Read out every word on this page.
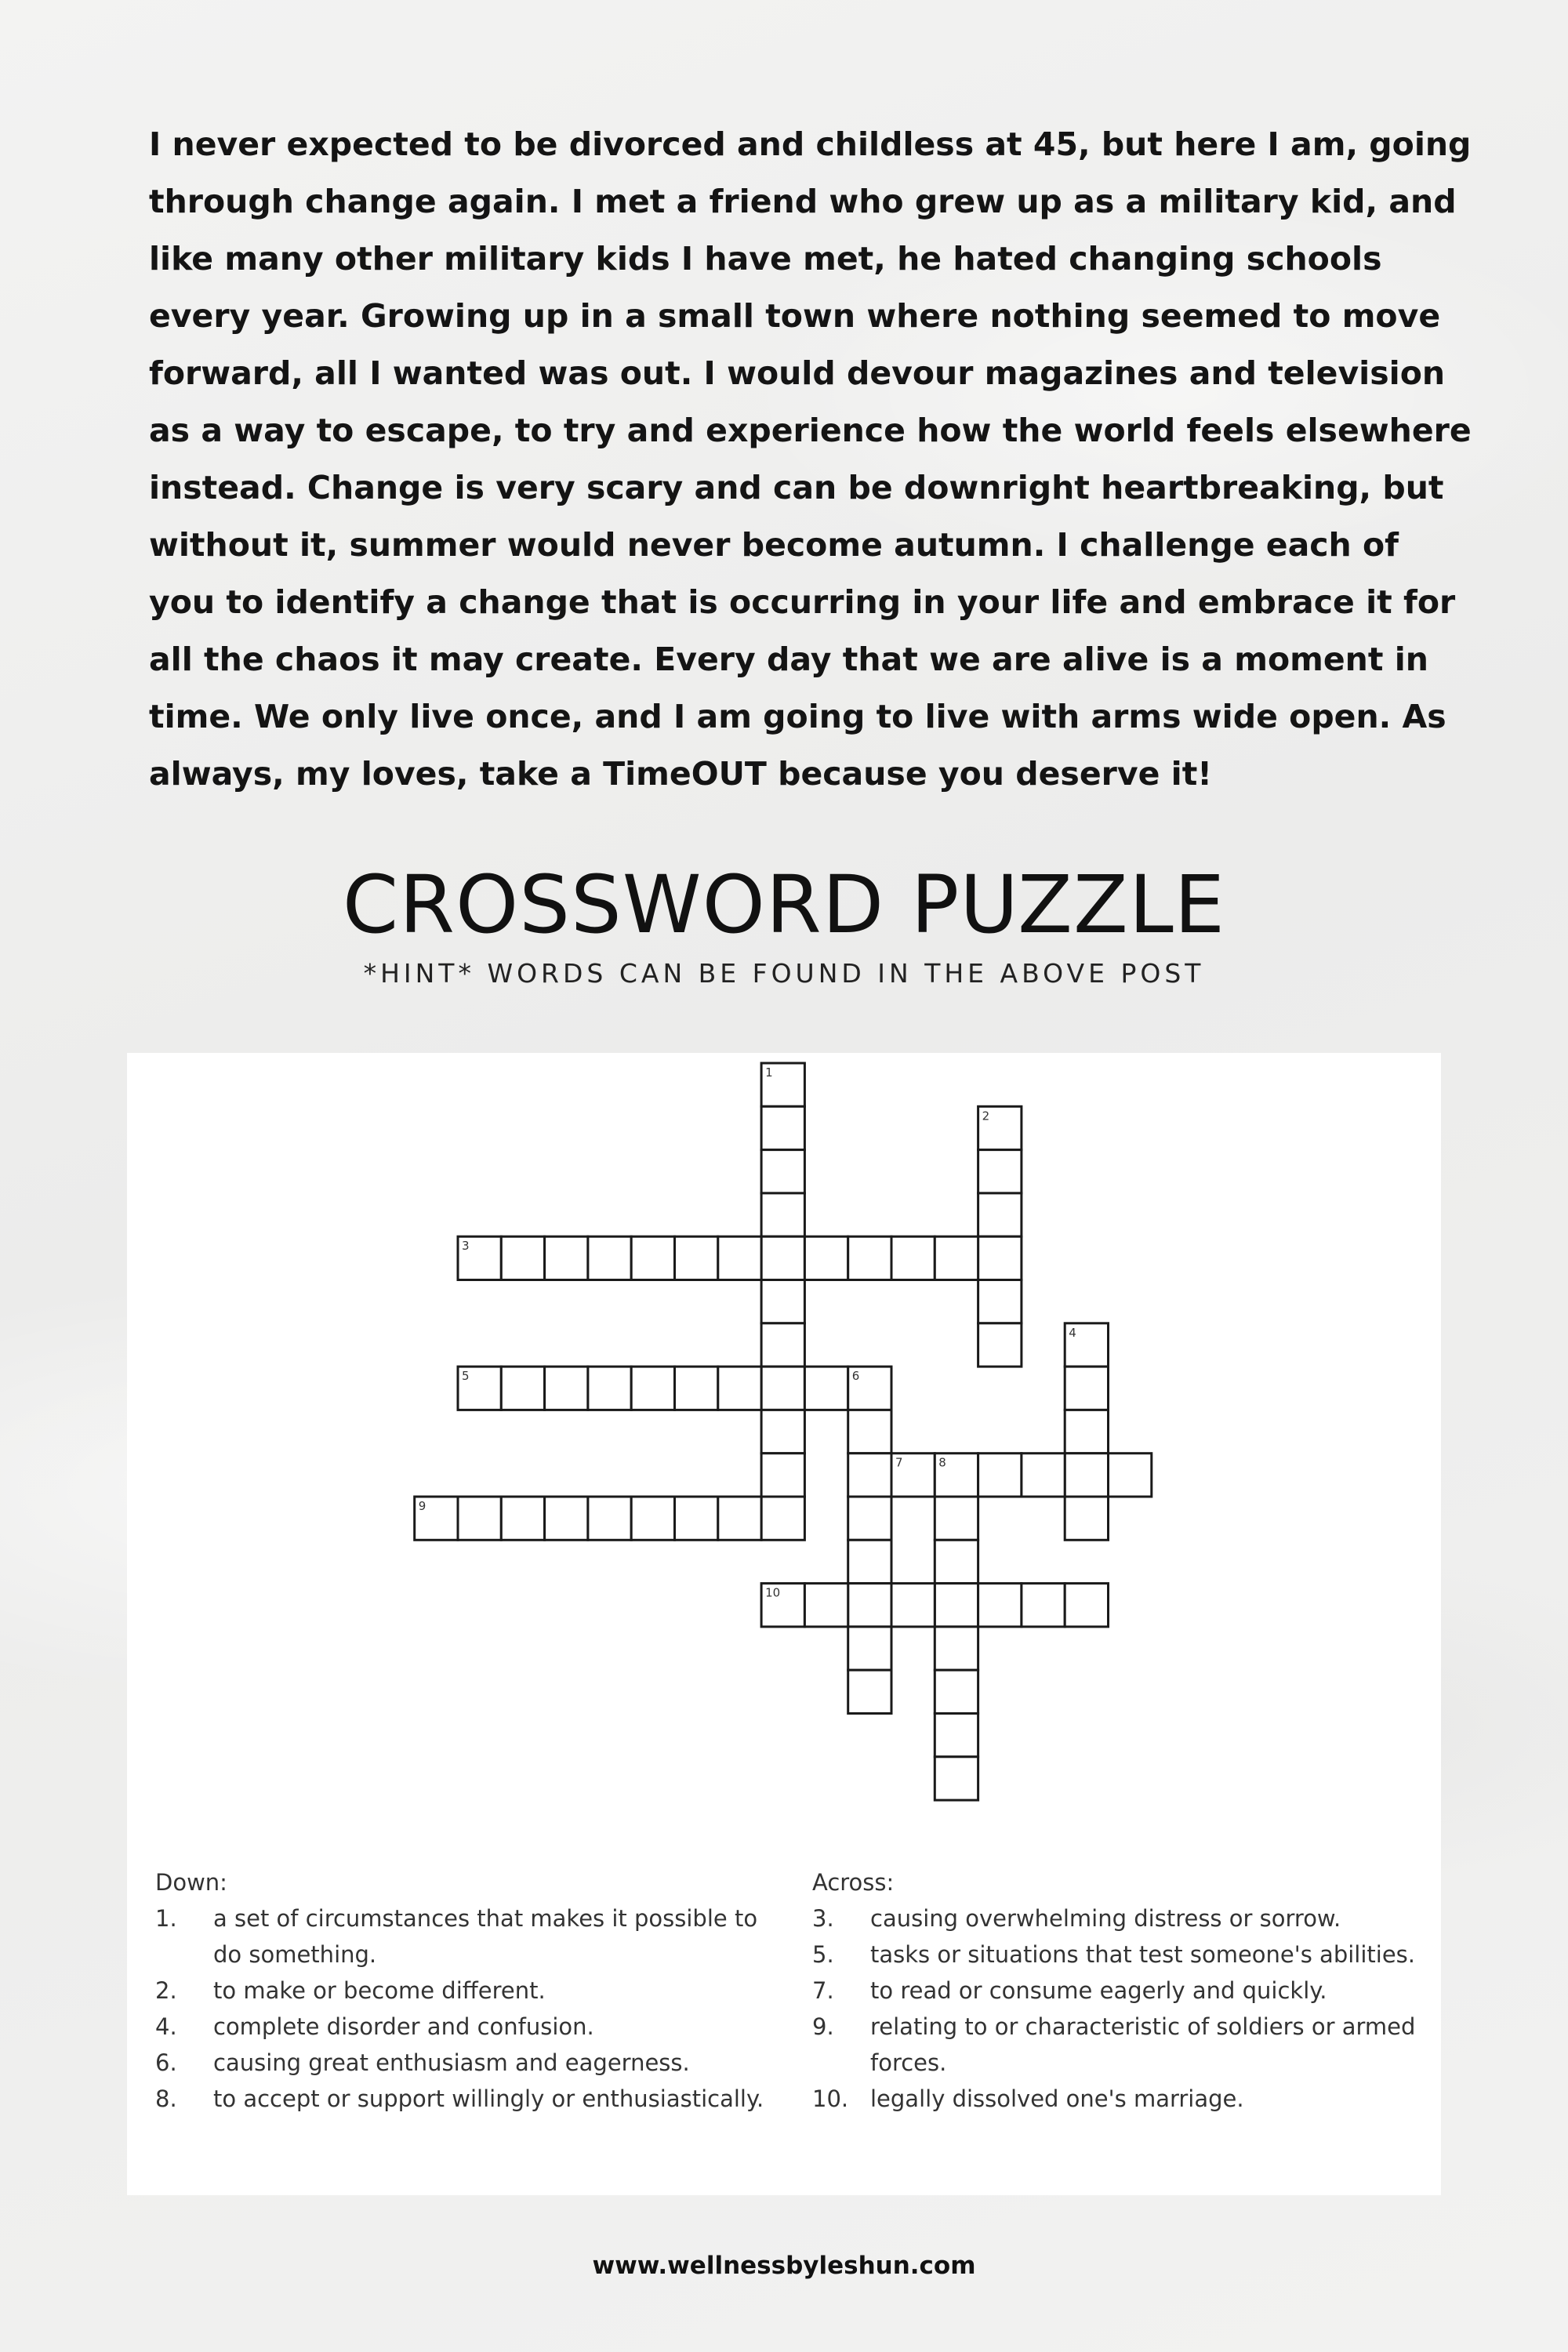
I never expected to be divorced and childless at 45, but here I am, going
through change again. I met a friend who grew up as a military kid, and
like many other military kids I have met, he hated changing schools
every year. Growing up in a small town where nothing seemed to move
forward, all I wanted was out. I would devour magazines and television
as a way to escape, to try and experience how the world feels elsewhere
instead. Change is very scary and can be downright heartbreaking, but
without it, summer would never become autumn. I challenge each of
you to identify a change that is occurring in your life and embrace it for
all the chaos it may create. Every day that we are alive is a moment in
time. We only live once, and I am going to live with arms wide open. As
always, my loves, take a TimeOUT because you deserve it!
CROSSWORD PUZZLE
*HINT* WORDS CAN BE FOUND IN THE ABOVE POST
1
2
3
4
5	6
7	8
9
10
Down:
1. a set of circumstances that makes it possible to do something.
2. to make or become different.
4. complete disorder and confusion.
6. causing great enthusiasm and eagerness.
8. to accept or support willingly or enthusiastically.
Across:
3. causing overwhelming distress or sorrow.
5. tasks or situations that test someone's abilities.
7. to read or consume eagerly and quickly.
9. relating to or characteristic of soldiers or armed forces.
10. legally dissolved one's marriage.
www.wellnessbyleshun.com
